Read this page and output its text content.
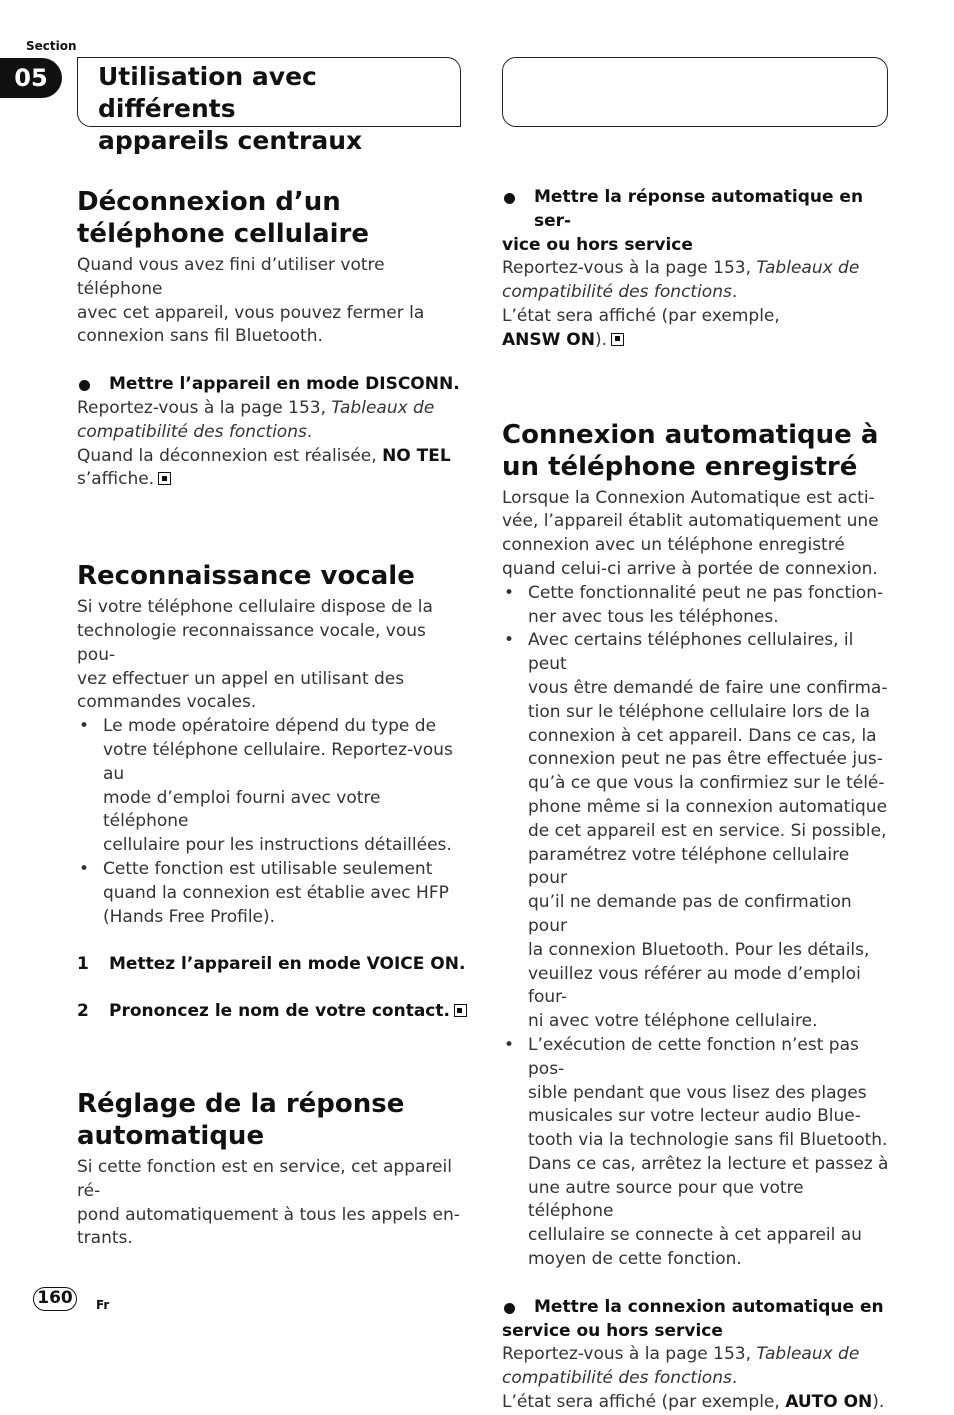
Section
05	Utilisation avec différents
appareils centraux
Déconnexion d’un
téléphone cellulaire

Quand vous avez fini d’utiliser votre téléphone
avec cet appareil, vous pouvez fermer la
connexion sans fil Bluetooth.

Mettre l’appareil en mode DISCONN.

Reportez-vous à la page 153, Tableaux de
compatibilité des fonctions.

Quand la déconnexion est réalisée, NO TEL
s’affiche.

Reconnaissance vocale

Si votre téléphone cellulaire dispose de la
technologie reconnaissance vocale, vous pou-
vez effectuer un appel en utilisant des
commandes vocales.

• Le mode opératoire dépend du type de
votre téléphone cellulaire. Reportez-vous au
mode d’emploi fourni avec votre téléphone
cellulaire pour les instructions détaillées.
• Cette fonction est utilisable seulement
quand la connexion est établie avec HFP
(Hands Free Profile).
1 Mettez l’appareil en mode VOICE ON.
2 Prononcez le nom de votre contact.
Réglage de la réponse
automatique

Si cette fonction est en service, cet appareil ré-
pond automatiquement à tous les appels en-
trants.

Mettre la réponse automatique en ser-
vice ou hors service

Reportez-vous à la page 153, Tableaux de
compatibilité des fonctions.

L’état sera affiché (par exemple,
ANSW ON).

Connexion automatique à
un téléphone enregistré

Lorsque la Connexion Automatique est acti-
vée, l’appareil établit automatiquement une
connexion avec un téléphone enregistré
quand celui-ci arrive à portée de connexion.

• Cette fonctionnalité peut ne pas fonction-
ner avec tous les téléphones.
• Avec certains téléphones cellulaires, il peut
vous être demandé de faire une confirma-
tion sur le téléphone cellulaire lors de la
connexion à cet appareil. Dans ce cas, la
connexion peut ne pas être effectuée jus-
qu’à ce que vous la confirmiez sur le télé-
phone même si la connexion automatique
de cet appareil est en service. Si possible,
paramétrez votre téléphone cellulaire pour
qu’il ne demande pas de confirmation pour
la connexion Bluetooth. Pour les détails,
veuillez vous référer au mode d’emploi four-
ni avec votre téléphone cellulaire.
• L’exécution de cette fonction n’est pas pos-
sible pendant que vous lisez des plages
musicales sur votre lecteur audio Blue-
tooth via la technologie sans fil Bluetooth.
Dans ce cas, arrêtez la lecture et passez à
une autre source pour que votre téléphone
cellulaire se connecte à cet appareil au
moyen de cette fonction.
Mettre la connexion automatique en
service ou hors service

Reportez-vous à la page 153, Tableaux de
compatibilité des fonctions.

L’état sera affiché (par exemple, AUTO ON).

160	Fr
